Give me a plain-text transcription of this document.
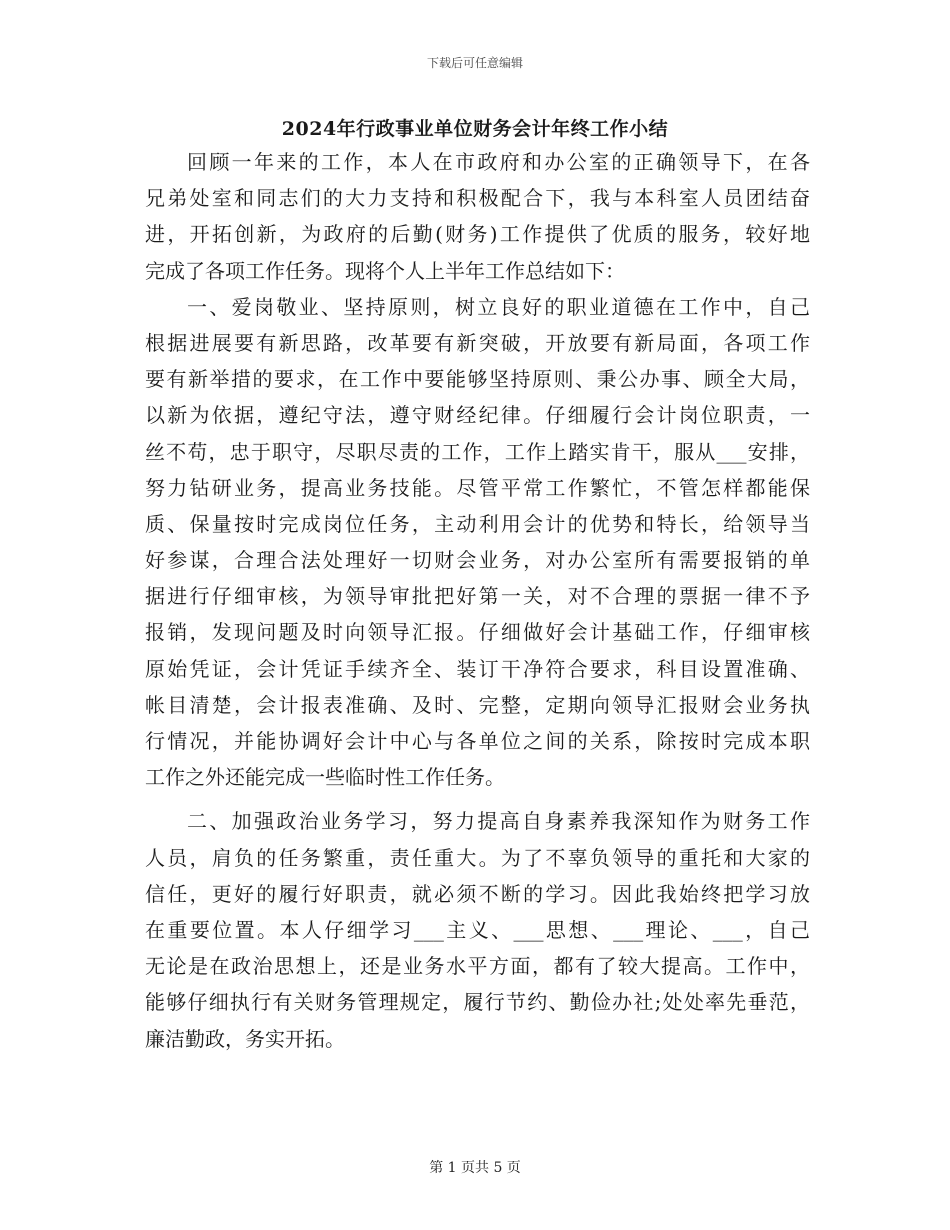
下载后可任意编辑
2024年行政事业单位财务会计年终工作小结
回顾一年来的工作，本人在市政府和办公室的正确领导下，在各
兄弟处室和同志们的大力支持和积极配合下，我与本科室人员团结奋
进，开拓创新，为政府的后勤(财务)工作提供了优质的服务，较好地
完成了各项工作任务。现将个人上半年工作总结如下：
一、爱岗敬业、坚持原则，树立良好的职业道德在工作中，自己
根据进展要有新思路，改革要有新突破，开放要有新局面，各项工作
要有新举措的要求，在工作中要能够坚持原则、秉公办事、顾全大局，
以新为依据，遵纪守法，遵守财经纪律。仔细履行会计岗位职责，一
丝不苟，忠于职守，尽职尽责的工作，工作上踏实肯干，服从___安排，
努力钻研业务，提高业务技能。尽管平常工作繁忙，不管怎样都能保
质、保量按时完成岗位任务，主动利用会计的优势和特长，给领导当
好参谋，合理合法处理好一切财会业务，对办公室所有需要报销的单
据进行仔细审核，为领导审批把好第一关，对不合理的票据一律不予
报销，发现问题及时向领导汇报。仔细做好会计基础工作，仔细审核
原始凭证，会计凭证手续齐全、装订干净符合要求，科目设置准确、
帐目清楚，会计报表准确、及时、完整，定期向领导汇报财会业务执
行情况，并能协调好会计中心与各单位之间的关系，除按时完成本职
工作之外还能完成一些临时性工作任务。
二、加强政治业务学习，努力提高自身素养我深知作为财务工作
人员，肩负的任务繁重，责任重大。为了不辜负领导的重托和大家的
信任，更好的履行好职责，就必须不断的学习。因此我始终把学习放
在重要位置。本人仔细学习___主义、___思想、___理论、___，自己
无论是在政治思想上，还是业务水平方面，都有了较大提高。工作中，
能够仔细执行有关财务管理规定，履行节约、勤俭办社;处处率先垂范，
廉洁勤政，务实开拓。
第 1 页共 5 页
